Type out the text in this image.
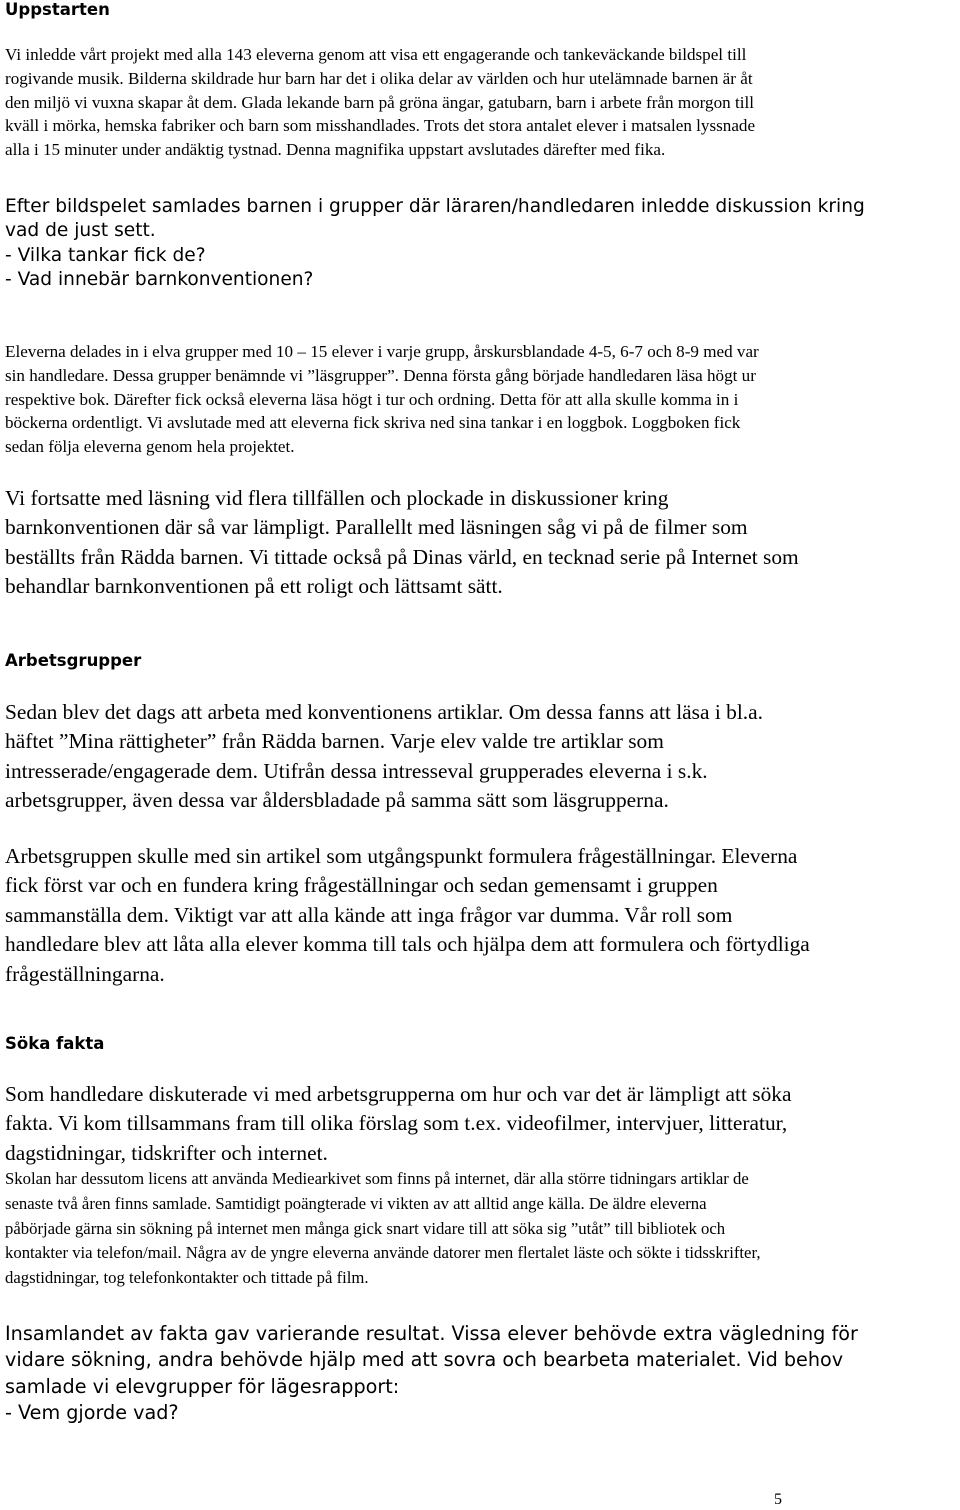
Uppstarten

Vi inledde vårt projekt med alla 143 eleverna genom att visa ett engagerande och tankeväckande bildspel till
rogivande musik. Bilderna skildrade hur barn har det i olika delar av världen och hur utelämnade barnen är åt
den miljö vi vuxna skapar åt dem. Glada lekande barn på gröna ängar, gatubarn, barn i arbete från morgon till
kväll i mörka, hemska fabriker och barn som misshandlades. Trots det stora antalet elever i matsalen lyssnade
alla i 15 minuter under andäktig tystnad. Denna magnifika uppstart avslutades därefter med fika.

Efter bildspelet samlades barnen i grupper där läraren/handledaren inledde diskussion kring
vad de just sett.
- Vilka tankar fick de?
- Vad innebär barnkonventionen?

Eleverna delades in i elva grupper med 10 – 15 elever i varje grupp, årskursblandade 4-5, 6-7 och 8-9 med var
sin handledare. Dessa grupper benämnde vi ”läsgrupper”. Denna första gång började handledaren läsa högt ur
respektive bok. Därefter fick också eleverna läsa högt i tur och ordning. Detta för att alla skulle komma in i
böckerna ordentligt. Vi avslutade med att eleverna fick skriva ned sina tankar i en loggbok. Loggboken fick
sedan följa eleverna genom hela projektet.

Vi fortsatte med läsning vid flera tillfällen och plockade in diskussioner kring
barnkonventionen där så var lämpligt. Parallellt med läsningen såg vi på de filmer som
beställts från Rädda barnen. Vi tittade också på Dinas värld, en tecknad serie på Internet som
behandlar barnkonventionen på ett roligt och lättsamt sätt.

Arbetsgrupper

Sedan blev det dags att arbeta med konventionens artiklar. Om dessa fanns att läsa i bl.a.
häftet ”Mina rättigheter” från Rädda barnen. Varje elev valde tre artiklar som
intresserade/engagerade dem. Utifrån dessa intresseval grupperades eleverna i s.k.
arbetsgrupper, även dessa var åldersbladade på samma sätt som läsgrupperna.

Arbetsgruppen skulle med sin artikel som utgångspunkt formulera frågeställningar. Eleverna
fick först var och en fundera kring frågeställningar och sedan gemensamt i gruppen
sammanställa dem. Viktigt var att alla kände att inga frågor var dumma. Vår roll som
handledare blev att låta alla elever komma till tals och hjälpa dem att formulera och förtydliga
frågeställningarna.

Söka fakta

Som handledare diskuterade vi med arbetsgrupperna om hur och var det är lämpligt att söka
fakta. Vi kom tillsammans fram till olika förslag som t.ex. videofilmer, intervjuer, litteratur,
dagstidningar, tidskrifter och internet.

Skolan har dessutom licens att använda Mediearkivet som finns på internet, där alla större tidningars artiklar de
senaste två åren finns samlade. Samtidigt poängterade vi vikten av att alltid ange källa. De äldre eleverna
påbörjade gärna sin sökning på internet men många gick snart vidare till att söka sig ”utåt” till bibliotek och
kontakter via telefon/mail. Några av de yngre eleverna använde datorer men flertalet läste och sökte i tidsskrifter,
dagstidningar, tog telefonkontakter och tittade på film.

Insamlandet av fakta gav varierande resultat. Vissa elever behövde extra vägledning för
vidare sökning, andra behövde hjälp med att sovra och bearbeta materialet. Vid behov
samlade vi elevgrupper för lägesrapport:
- Vem gjorde vad?

5
